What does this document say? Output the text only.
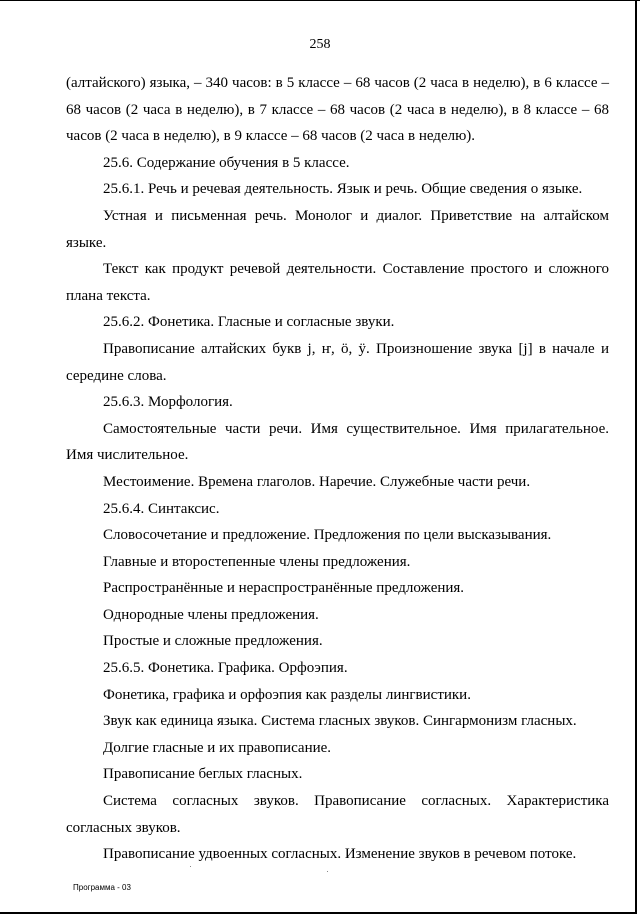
258

(алтайского) языка, – 340 часов: в 5 классе – 68 часов (2 часа в неделю), в 6 классе – 68 часов (2 часа в неделю), в 7 классе – 68 часов (2 часа в неделю), в 8 классе – 68 часов (2 часа в неделю), в 9 классе – 68 часов (2 часа в неделю).

25.6. Содержание обучения в 5 классе.

25.6.1. Речь и речевая деятельность. Язык и речь. Общие сведения о языке.

Устная и письменная речь. Монолог и диалог. Приветствие на алтайском языке.

Текст как продукт речевой деятельности. Составление простого и сложного плана текста.

25.6.2. Фонетика. Гласные и согласные звуки.

Правописание алтайских букв j, ҥ, ӧ, ӱ. Произношение звука [j] в начале и середине слова.

25.6.3. Морфология.

Самостоятельные части речи. Имя существительное. Имя прилагательное. Имя числительное.

Местоимение. Времена глаголов. Наречие. Служебные части речи.

25.6.4. Синтаксис.

Словосочетание и предложение. Предложения по цели высказывания.

Главные и второстепенные члены предложения.

Распространённые и нераспространённые предложения.

Однородные члены предложения.

Простые и сложные предложения.

25.6.5. Фонетика. Графика. Орфоэпия.

Фонетика, графика и орфоэпия как разделы лингвистики.

Звук как единица языка. Система гласных звуков. Сингармонизм гласных.

Долгие гласные и их правописание.

Правописание беглых гласных.

Система согласных звуков. Правописание согласных. Характеристика согласных звуков.

Правописание удвоенных согласных. Изменение звуков в речевом потоке.

Программа - 03
